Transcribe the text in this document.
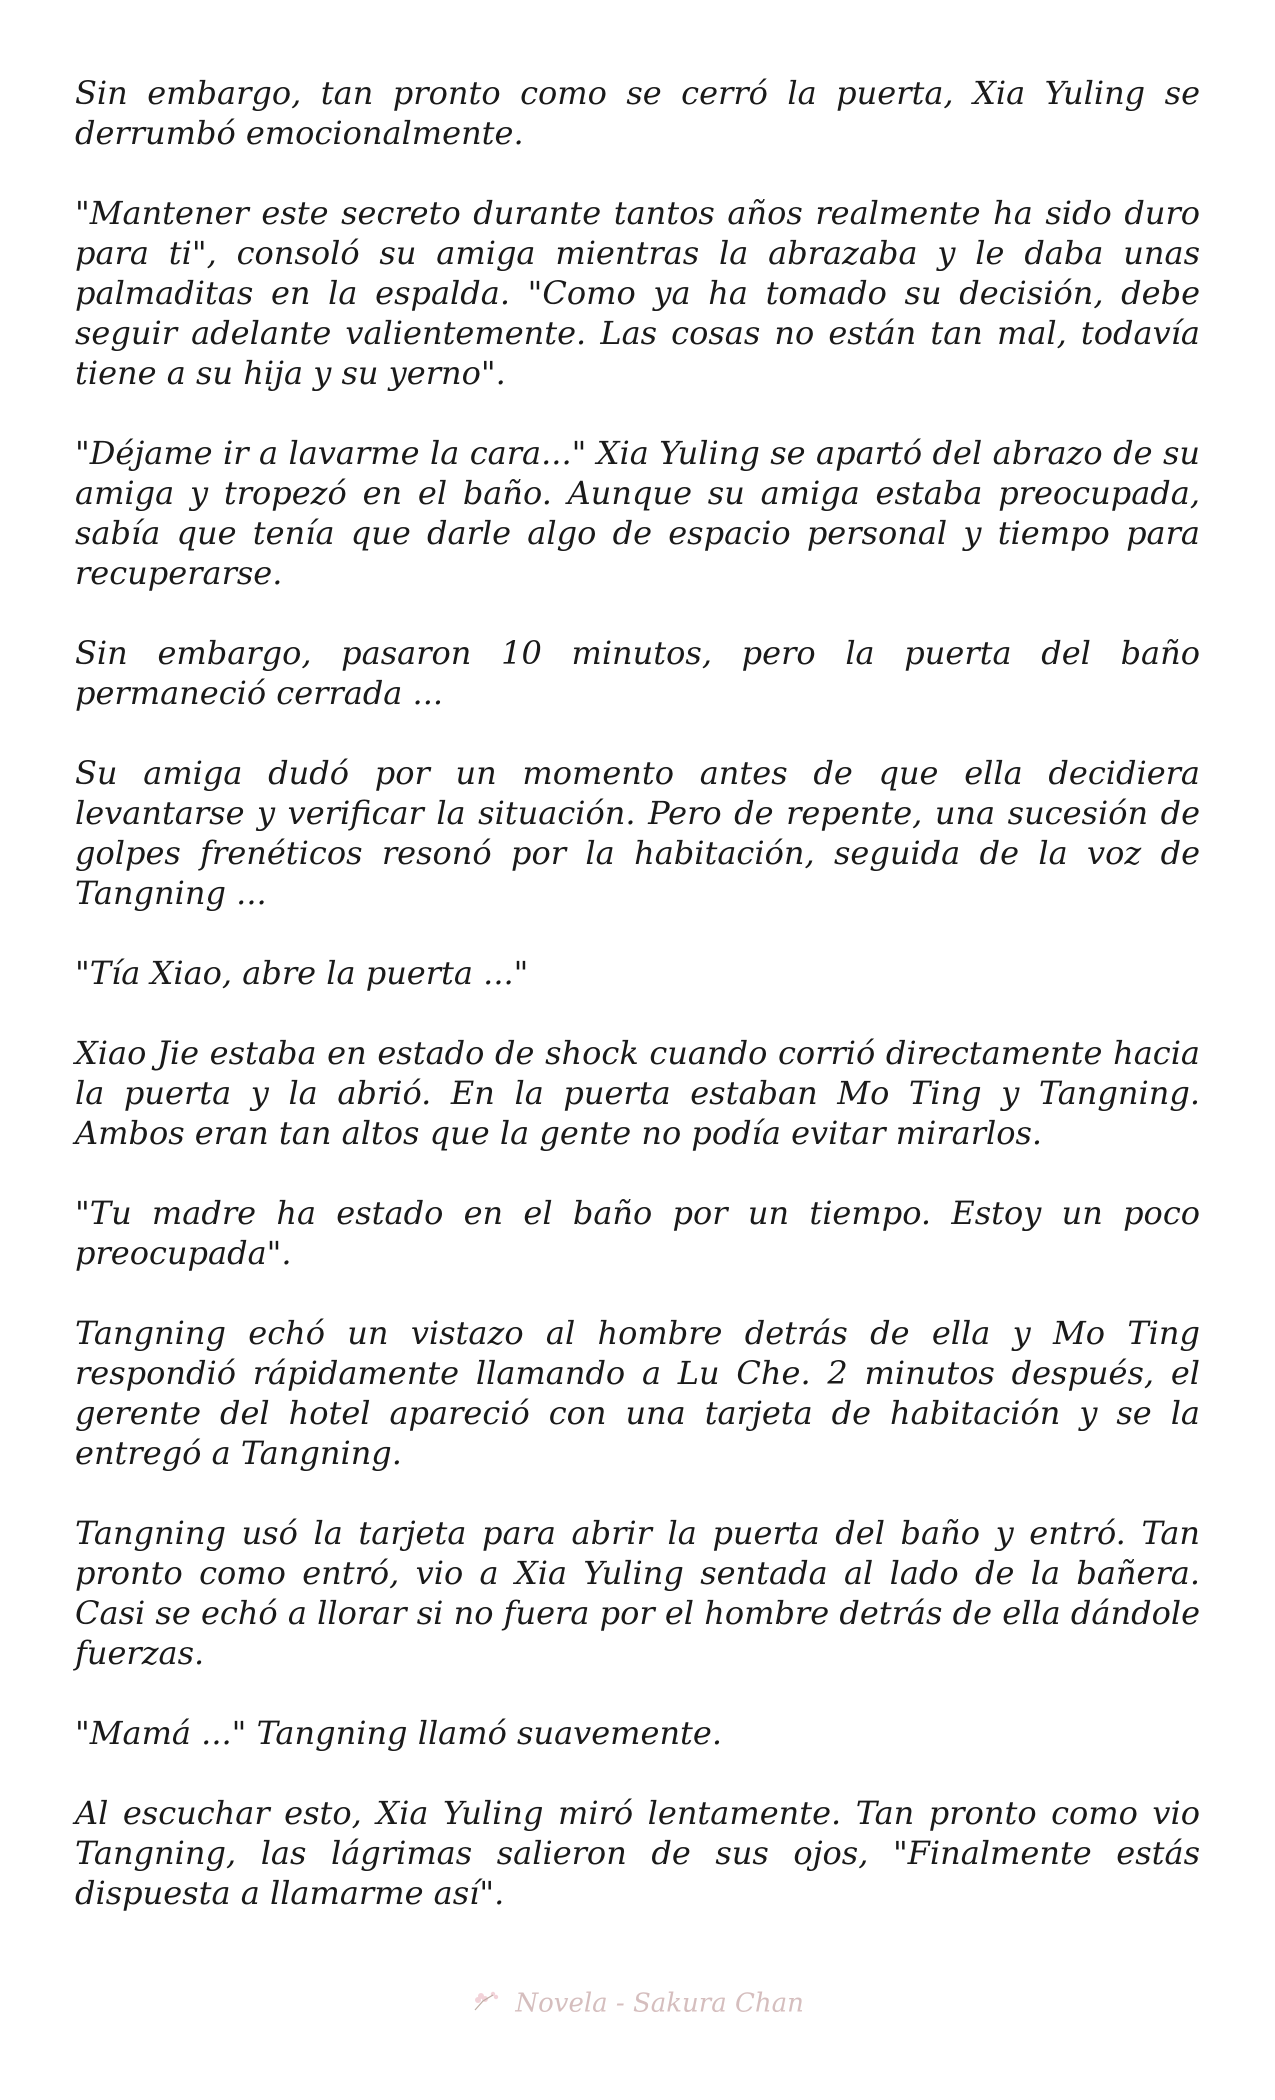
Sin embargo, tan pronto como se cerró la puerta, Xia Yuling se derrumbó emocionalmente.

"Mantener este secreto durante tantos años realmente ha sido duro para ti", consoló su amiga mientras la abrazaba y le daba unas palmaditas en la espalda. "Como ya ha tomado su decisión, debe seguir adelante valientemente. Las cosas no están tan mal, todavía tiene a su hija y su yerno".

"Déjame ir a lavarme la cara..." Xia Yuling se apartó del abrazo de su amiga y tropezó en el baño. Aunque su amiga estaba preocupada, sabía que tenía que darle algo de espacio personal y tiempo para recuperarse.

Sin embargo, pasaron 10 minutos, pero la puerta del baño permaneció cerrada ...

Su amiga dudó por un momento antes de que ella decidiera levantarse y verificar la situación. Pero de repente, una sucesión de golpes frenéticos resonó por la habitación, seguida de la voz de Tangning ...

"Tía Xiao, abre la puerta ..."

Xiao Jie estaba en estado de shock cuando corrió directamente hacia la puerta y la abrió. En la puerta estaban Mo Ting y Tangning. Ambos eran tan altos que la gente no podía evitar mirarlos.

"Tu madre ha estado en el baño por un tiempo. Estoy un poco preocupada".

Tangning echó un vistazo al hombre detrás de ella y Mo Ting respondió rápidamente llamando a Lu Che. 2 minutos después, el gerente del hotel apareció con una tarjeta de habitación y se la entregó a Tangning.

Tangning usó la tarjeta para abrir la puerta del baño y entró. Tan pronto como entró, vio a Xia Yuling sentada al lado de la bañera. Casi se echó a llorar si no fuera por el hombre detrás de ella dándole fuerzas.

"Mamá ..." Tangning llamó suavemente.

Al escuchar esto, Xia Yuling miró lentamente. Tan pronto como vio Tangning, las lágrimas salieron de sus ojos, "Finalmente estás dispuesta a llamarme así".

Novela - Sakura Chan
